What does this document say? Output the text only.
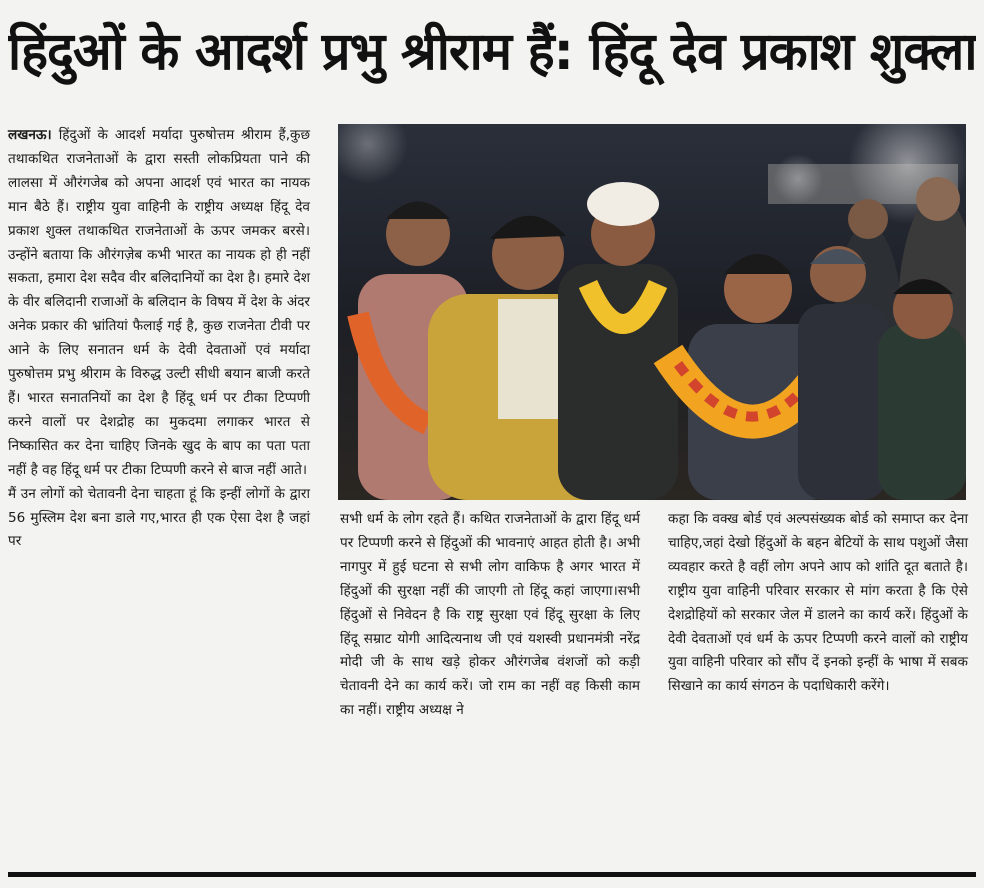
हिंदुओं के आदर्श प्रभु श्रीराम हैं: हिंदू देव प्रकाश शुक्ला

लखनऊ। हिंदुओं के आदर्श मर्यादा पुरुषोत्तम श्रीराम हैं,कुछ तथाकथित राजनेताओं के द्वारा सस्ती लोकप्रियता पाने की लालसा में औरंगजेब को अपना आदर्श एवं भारत का नायक मान बैठे हैं। राष्ट्रीय युवा वाहिनी के राष्ट्रीय अध्यक्ष हिंदू देव प्रकाश शुक्ल तथाकथित राजनेताओं के ऊपर जमकर बरसे। उन्होंने बताया कि औरंगज़ेब कभी भारत का नायक हो ही नहीं सकता, हमारा देश सदैव वीर बलिदानियों का देश है। हमारे देश के वीर बलिदानी राजाओं के बलिदान के विषय में देश के अंदर अनेक प्रकार की भ्रांतियां फैलाई गई है, कुछ राजनेता टीवी पर आने के लिए सनातन धर्म के देवी देवताओं एवं मर्यादा पुरुषोत्तम प्रभु श्रीराम के विरुद्ध उल्टी सीधी बयान बाजी करते हैं। भारत सनातनियों का देश है हिंदू धर्म पर टीका टिप्पणी करने वालों पर देशद्रोह का मुकदमा लगाकर भारत से निष्कासित कर देना चाहिए जिनके खुद के बाप का पता पता नहीं है वह हिंदू धर्म पर टीका टिप्पणी करने से बाज नहीं आते।

मैं उन लोगों को चेतावनी देना चाहता हूं कि इन्हीं लोगों के द्वारा 56 मुस्लिम देश बना डाले गए,भारत ही एक ऐसा देश है जहां पर

सभी धर्म के लोग रहते हैं। कथित राजनेताओं के द्वारा हिंदू धर्म पर टिप्पणी करने से हिंदुओं की भावनाएं आहत होती है। अभी नागपुर में हुई घटना से सभी लोग वाकिफ है अगर भारत में हिंदुओं की सुरक्षा नहीं की जाएगी तो हिंदू कहां जाएगा।सभी हिंदुओं से निवेदन है कि राष्ट्र सुरक्षा एवं हिंदू सुरक्षा के लिए हिंदू सम्राट योगी आदित्यनाथ जी एवं यशस्वी प्रधानमंत्री नरेंद्र मोदी जी के साथ खड़े होकर औरंगजेब वंशजों को कड़ी चेतावनी देने का कार्य करें। जो राम का नहीं वह किसी काम का नहीं। राष्ट्रीय अध्यक्ष ने

कहा कि वक्ख बोर्ड एवं अल्पसंख्यक बोर्ड को समाप्त कर देना चाहिए,जहां देखो हिंदुओं के बहन बेटियों के साथ पशुओं जैसा व्यवहार करते है वहीं लोग अपने आप को शांति दूत बताते है।राष्ट्रीय युवा वाहिनी परिवार सरकार से मांग करता है कि ऐसे देशद्रोहियों को सरकार जेल में डालने का कार्य करें। हिंदुओं के देवी देवताओं एवं धर्म के ऊपर टिप्पणी करने वालों को राष्ट्रीय युवा वाहिनी परिवार को सौंप दें इनको इन्हीं के भाषा में सबक सिखाने का कार्य संगठन के पदाधिकारी करेंगे।
